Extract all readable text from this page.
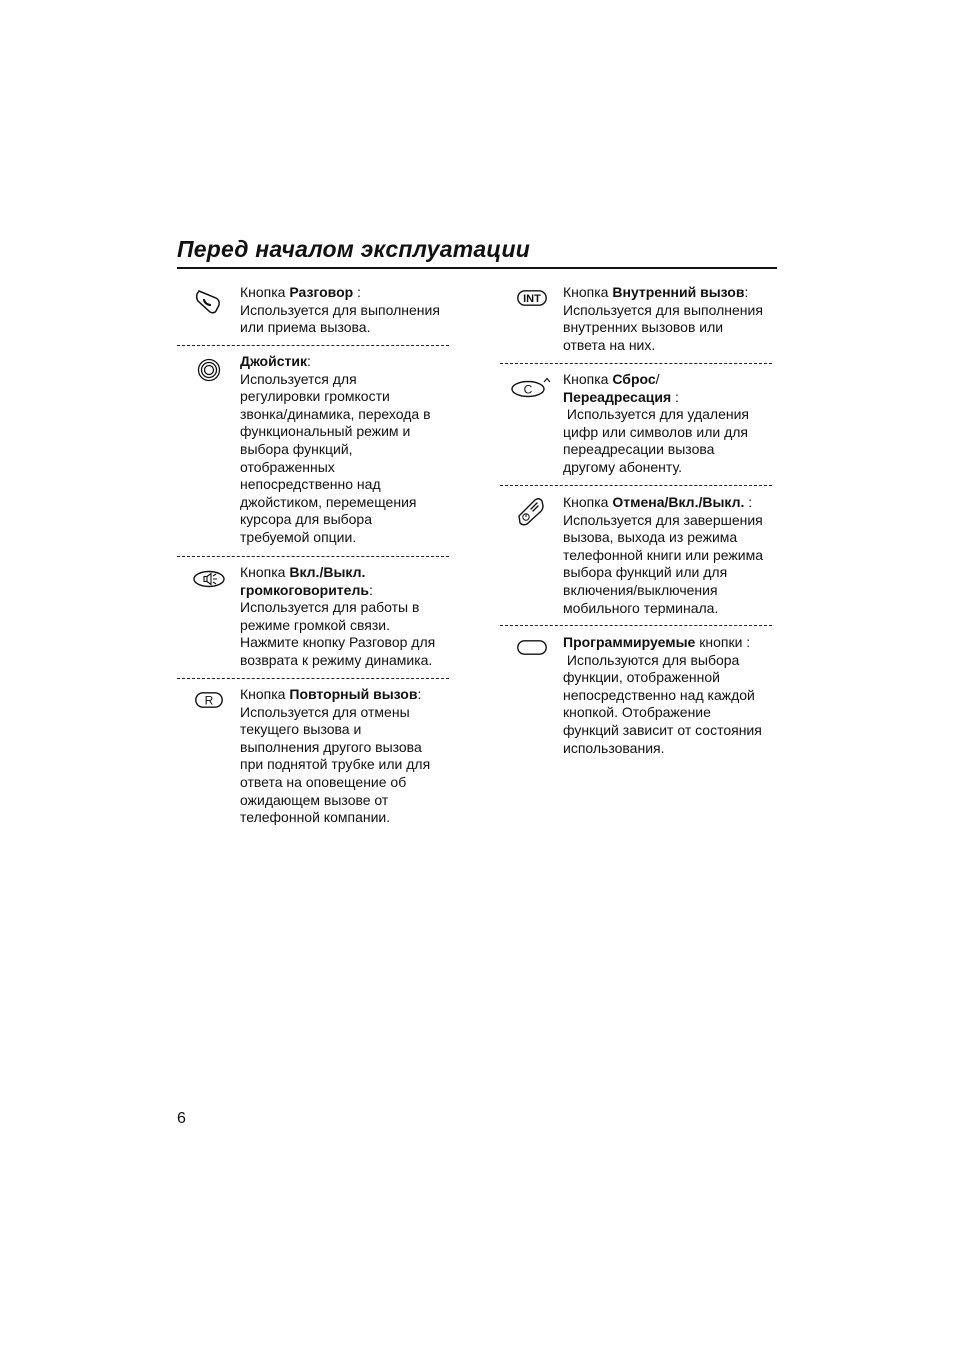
Перед началом эксплуатации
Кнопка Разговор :
Используется для выполнения
или приема вызова.
Джойстик:
Используется для
регулировки громкости
звонка/динамика, перехода в
функциональный режим и
выбора функций,
отображенных
непосредственно над
джойстиком, перемещения
курсора для выбора
требуемой опции.
Кнопка Вкл./Выкл.
громкоговоритель:
Используется для работы в
режиме громкой связи.
Нажмите кнопку Разговор для
возврата к режиму динамика.
R Кнопка Повторный вызов:
Используется для отмены
текущего вызова и
выполнения другого вызова
при поднятой трубке или для
ответа на оповещение об
ожидающем вызове от
телефонной компании.
INT Кнопка Внутренний вызов:
Используется для выполнения
внутренних вызовов или
ответа на них.
C
Кнопка Сброс/
Переадресация :
Используется для удаления
цифр или символов или для
переадресации вызова
другому абоненту.
Кнопка Отмена/Вкл./Выкл. :
Используется для завершения
вызова, выхода из режима
телефонной книги или режима
выбора функций или для
включения/выключения
мобильного терминала.
Программируемые кнопки :
Используются для выбора
функции, отображенной
непосредственно над каждой
кнопкой. Отображение
функций зависит от состояния
использования.
6
